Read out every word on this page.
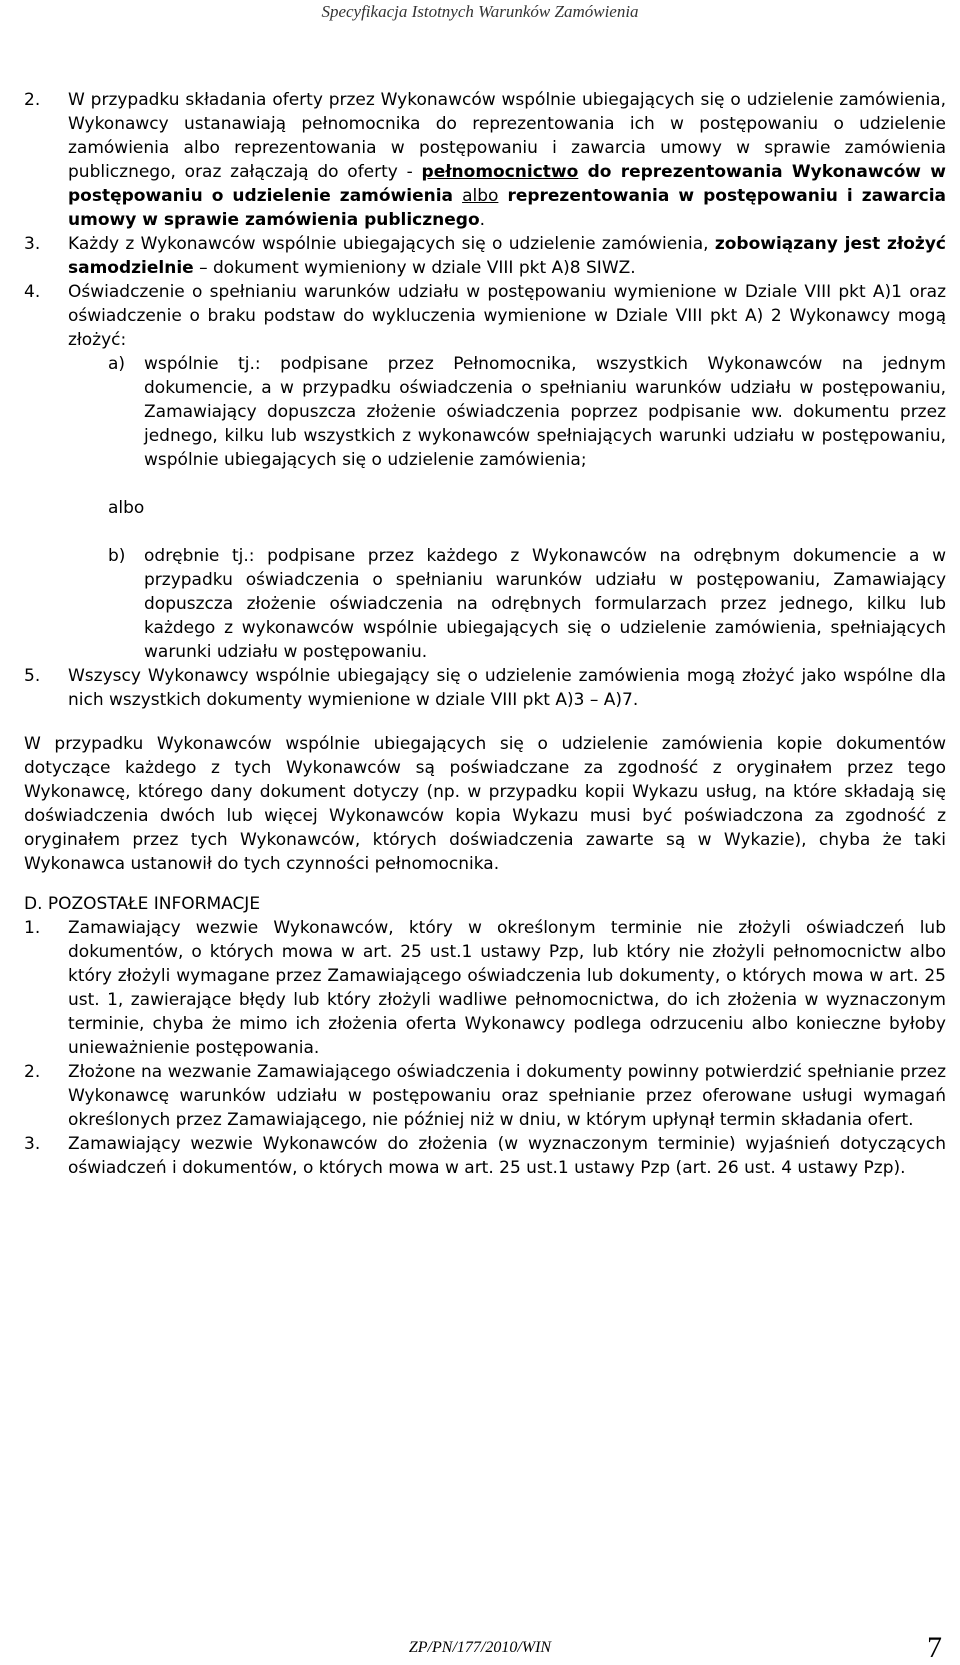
Specyfikacja Istotnych Warunków Zamówienia
2.	W przypadku składania oferty przez Wykonawców wspólnie ubiegających się o udzielenie zamówienia, Wykonawcy ustanawiają pełnomocnika do reprezentowania ich w postępowaniu o udzielenie zamówienia albo reprezentowania w postępowaniu i zawarcia umowy w sprawie zamówienia publicznego, oraz załączają do oferty - pełnomocnictwo do reprezentowania Wykonawców w postępowaniu o udzielenie zamówienia albo reprezentowania w postępowaniu i zawarcia umowy w sprawie zamówienia publicznego.

3.	Każdy z Wykonawców wspólnie ubiegających się o udzielenie zamówienia, zobowiązany jest złożyć samodzielnie – dokument wymieniony w dziale VIII pkt A)8 SIWZ.

4.	Oświadczenie o spełnianiu warunków udziału w postępowaniu wymienione w Dziale VIII pkt A)1 oraz oświadczenie o braku podstaw do wykluczenia wymienione w Dziale VIII pkt A) 2 Wykonawcy mogą złożyć:

a)	wspólnie tj.: podpisane przez Pełnomocnika, wszystkich Wykonawców na jednym dokumencie, a w przypadku oświadczenia o spełnianiu warunków udziału w postępowaniu, Zamawiający dopuszcza złożenie oświadczenia poprzez podpisanie ww. dokumentu przez jednego, kilku lub wszystkich z wykonawców spełniających warunki udziału w postępowaniu, wspólnie ubiegających się o udzielenie zamówienia;

albo
b)	odrębnie tj.: podpisane przez każdego z Wykonawców na odrębnym dokumencie a w przypadku oświadczenia o spełnianiu warunków udziału w postępowaniu, Zamawiający dopuszcza złożenie oświadczenia na odrębnych formularzach przez jednego, kilku lub każdego z wykonawców wspólnie ubiegających się o udzielenie zamówienia, spełniających warunki udziału w postępowaniu.

5.	Wszyscy Wykonawcy wspólnie ubiegający się o udzielenie zamówienia mogą złożyć jako wspólne dla nich wszystkich dokumenty wymienione w dziale VIII pkt A)3 – A)7.

W przypadku Wykonawców wspólnie ubiegających się o udzielenie zamówienia kopie dokumentów dotyczące każdego z tych Wykonawców są poświadczane za zgodność z oryginałem przez tego Wykonawcę, którego dany dokument dotyczy (np. w przypadku kopii Wykazu usług, na które składają się doświadczenia dwóch lub więcej Wykonawców kopia Wykazu musi być poświadczona za zgodność z oryginałem przez tych Wykonawców, których doświadczenia zawarte są w Wykazie), chyba że taki Wykonawca ustanowił do tych czynności pełnomocnika.

D. POZOSTAŁE INFORMACJE
1.	Zamawiający wezwie Wykonawców, który w określonym terminie nie złożyli oświadczeń lub dokumentów, o których mowa w art. 25 ust.1 ustawy Pzp, lub który nie złożyli pełnomocnictw albo który złożyli wymagane przez Zamawiającego oświadczenia lub dokumenty, o których mowa w art. 25 ust. 1, zawierające błędy lub który złożyli wadliwe pełnomocnictwa, do ich złożenia w wyznaczonym terminie, chyba że mimo ich złożenia oferta Wykonawcy podlega odrzuceniu albo konieczne byłoby unieważnienie postępowania.

2.	Złożone na wezwanie Zamawiającego oświadczenia i dokumenty powinny potwierdzić spełnianie przez Wykonawcę warunków udziału w postępowaniu oraz spełnianie przez oferowane usługi wymagań określonych przez Zamawiającego, nie później niż w dniu, w którym upłynął termin składania ofert.

3.	Zamawiający wezwie Wykonawców do złożenia (w wyznaczonym terminie) wyjaśnień dotyczących oświadczeń i dokumentów, o których mowa w art. 25 ust.1 ustawy Pzp (art. 26 ust. 4 ustawy Pzp).

ZP/PN/177/2010/WIN	7
